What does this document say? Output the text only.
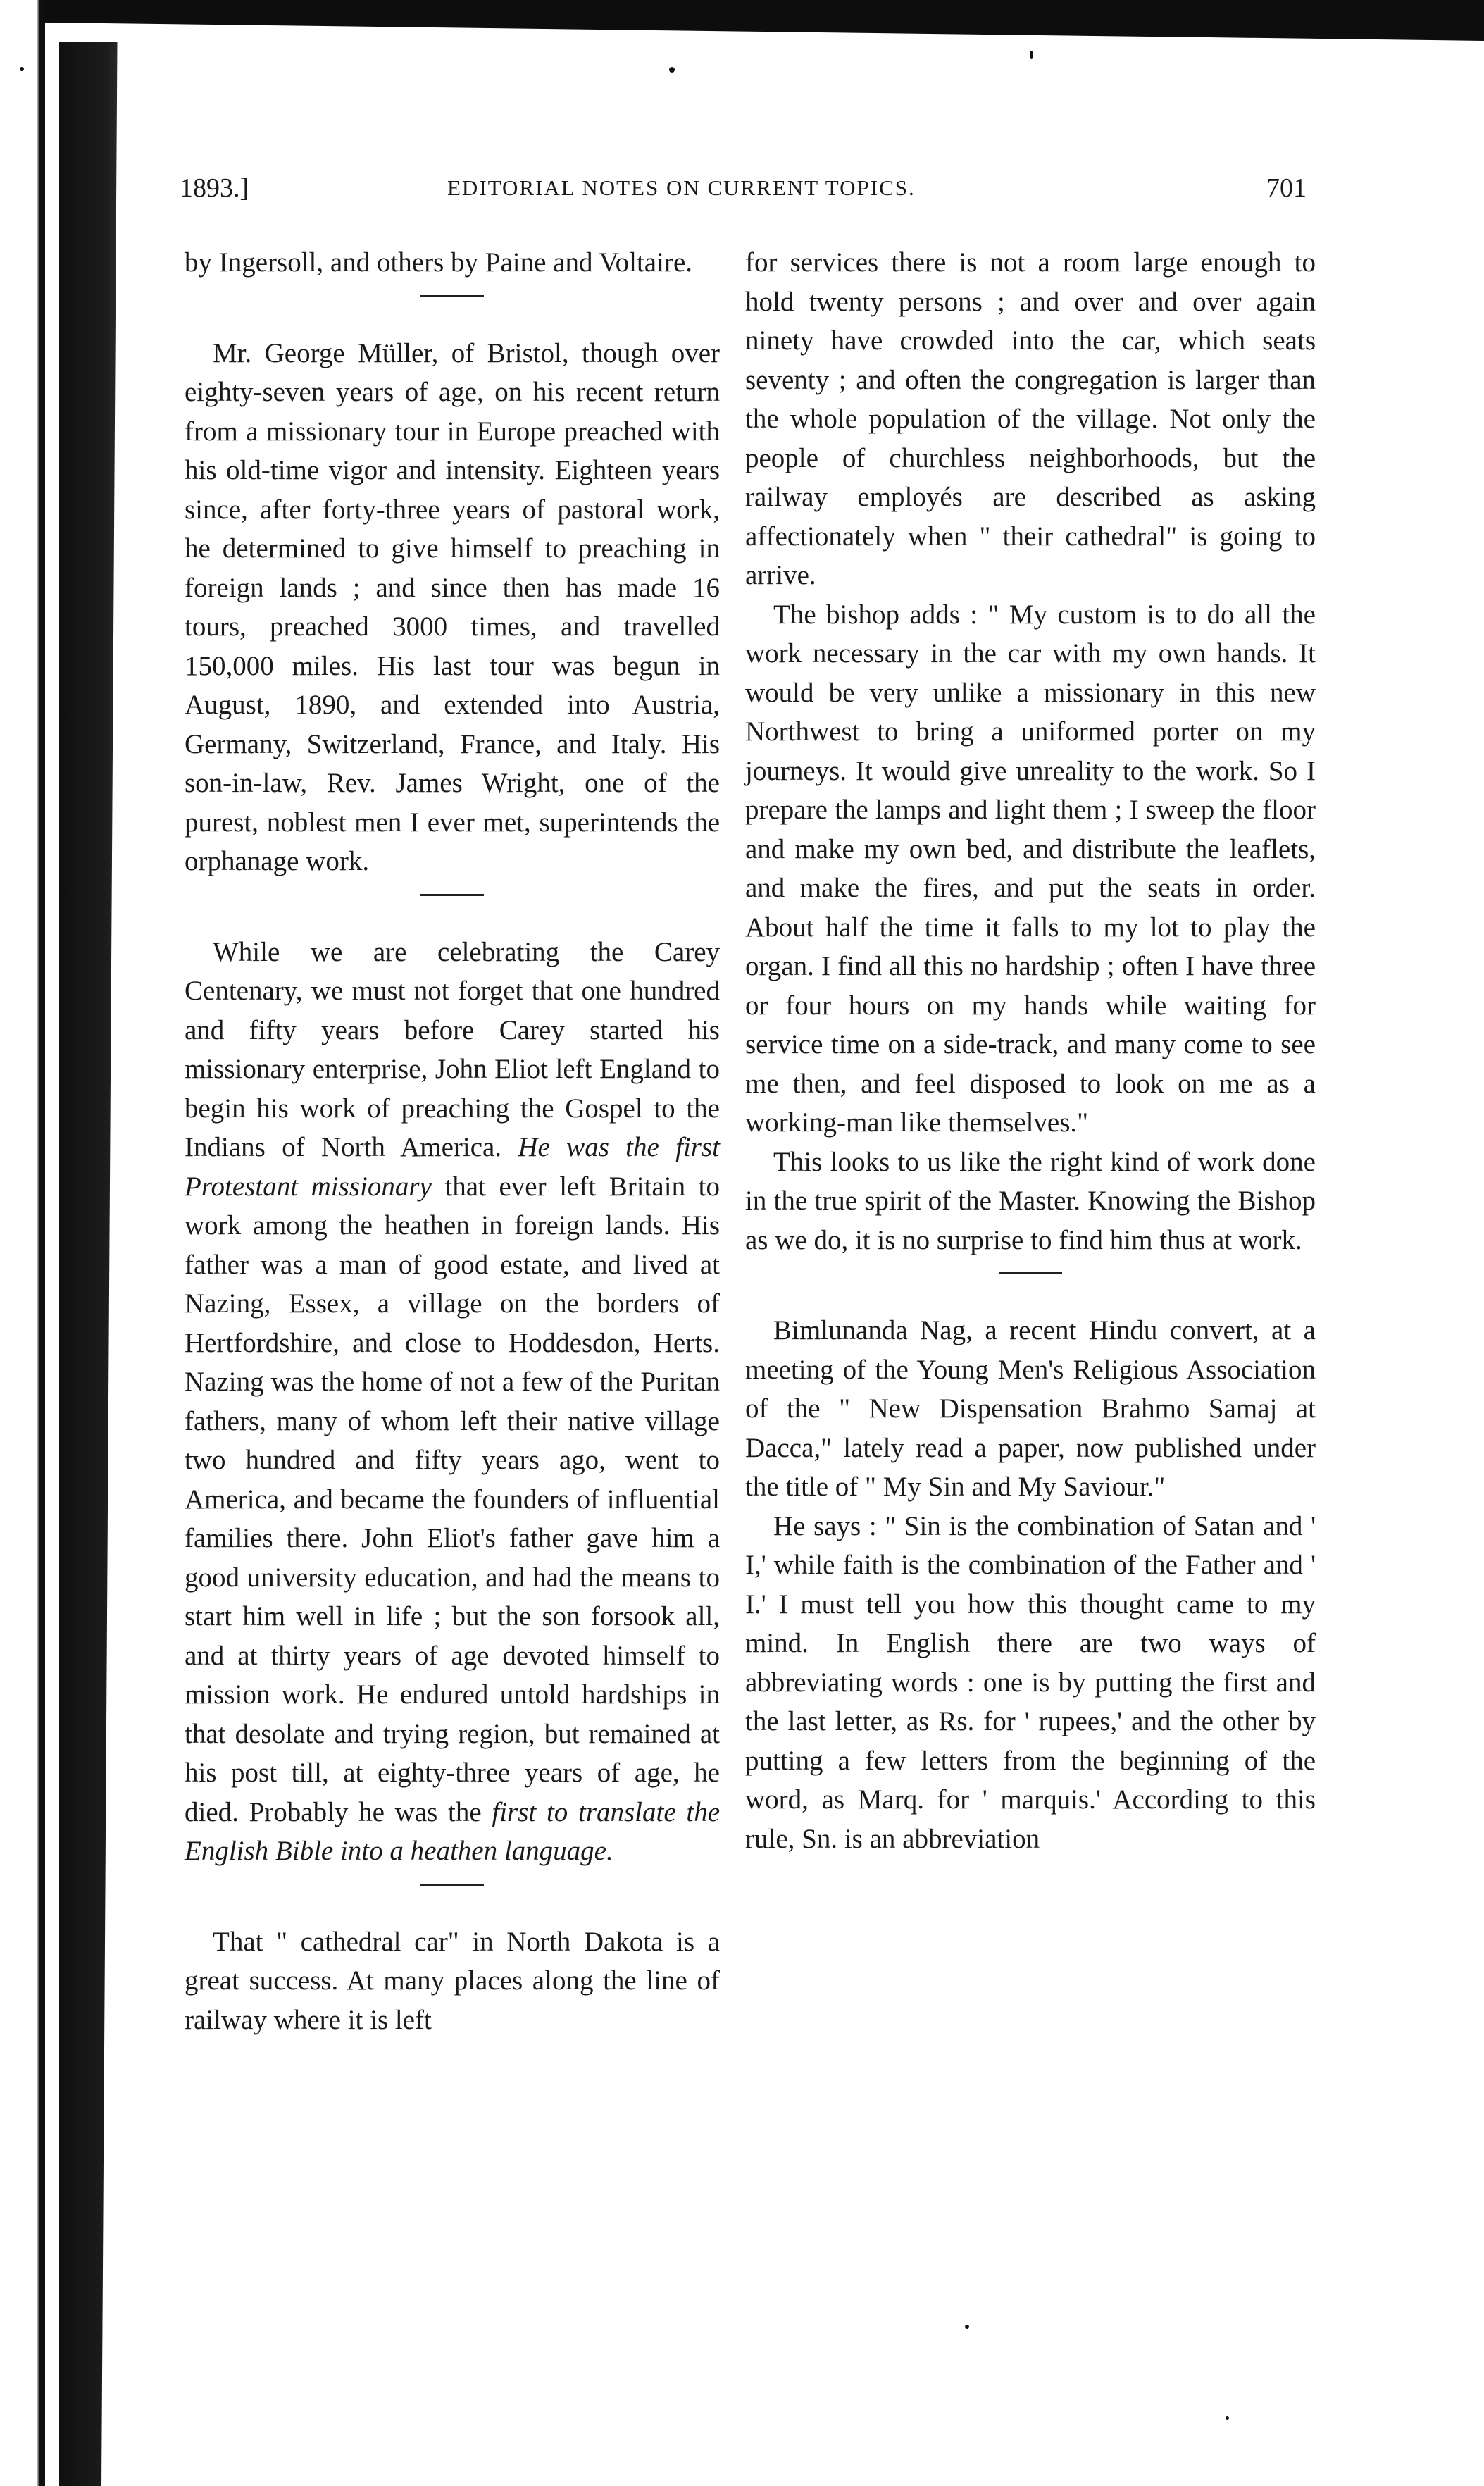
1893.]	EDITORIAL NOTES ON CURRENT TOPICS.	701

by Ingersoll, and others by Paine and Voltaire.

Mr. George Müller, of Bristol, though over eighty-seven years of age, on his recent return from a missionary tour in Europe preached with his old-time vigor and intensity. Eighteen years since, after forty-three years of pastoral work, he determined to give himself to preaching in foreign lands ; and since then has made 16 tours, preached 3000 times, and travelled 150,000 miles. His last tour was begun in August, 1890, and extended into Austria, Germany, Switzerland, France, and Italy. His son-in-law, Rev. James Wright, one of the purest, noblest men I ever met, superintends the orphanage work.

While we are celebrating the Carey Centenary, we must not forget that one hundred and fifty years before Carey started his missionary enterprise, John Eliot left England to begin his work of preaching the Gospel to the Indians of North America. He was the first Protestant missionary that ever left Britain to work among the heathen in foreign lands. His father was a man of good estate, and lived at Nazing, Essex, a village on the borders of Hertfordshire, and close to Hoddesdon, Herts. Nazing was the home of not a few of the Puritan fathers, many of whom left their native village two hundred and fifty years ago, went to America, and became the founders of influential families there. John Eliot's father gave him a good university education, and had the means to start him well in life ; but the son forsook all, and at thirty years of age devoted himself to mission work. He endured untold hardships in that desolate and trying region, but remained at his post till, at eighty-three years of age, he died. Probably he was the first to translate the English Bible into a heathen language.

That " cathedral car" in North Dakota is a great success. At many places along the line of railway where it is left

for services there is not a room large enough to hold twenty persons ; and over and over again ninety have crowded into the car, which seats seventy ; and often the congregation is larger than the whole population of the village. Not only the people of churchless neighborhoods, but the railway employés are described as asking affectionately when " their cathedral" is going to arrive.

The bishop adds : " My custom is to do all the work necessary in the car with my own hands. It would be very unlike a missionary in this new Northwest to bring a uniformed porter on my journeys. It would give unreality to the work. So I prepare the lamps and light them ; I sweep the floor and make my own bed, and distribute the leaflets, and make the fires, and put the seats in order. About half the time it falls to my lot to play the organ. I find all this no hardship ; often I have three or four hours on my hands while waiting for service time on a side-track, and many come to see me then, and feel disposed to look on me as a working-man like themselves."

This looks to us like the right kind of work done in the true spirit of the Master. Knowing the Bishop as we do, it is no surprise to find him thus at work.

Bimlunanda Nag, a recent Hindu convert, at a meeting of the Young Men's Religious Association of the " New Dispensation Brahmo Samaj at Dacca," lately read a paper, now published under the title of " My Sin and My Saviour."

He says : " Sin is the combination of Satan and ' I,' while faith is the combination of the Father and ' I.' I must tell you how this thought came to my mind. In English there are two ways of abbreviating words : one is by putting the first and the last letter, as Rs. for ' rupees,' and the other by putting a few letters from the beginning of the word, as Marq. for ' marquis.' According to this rule, Sn. is an abbreviation
